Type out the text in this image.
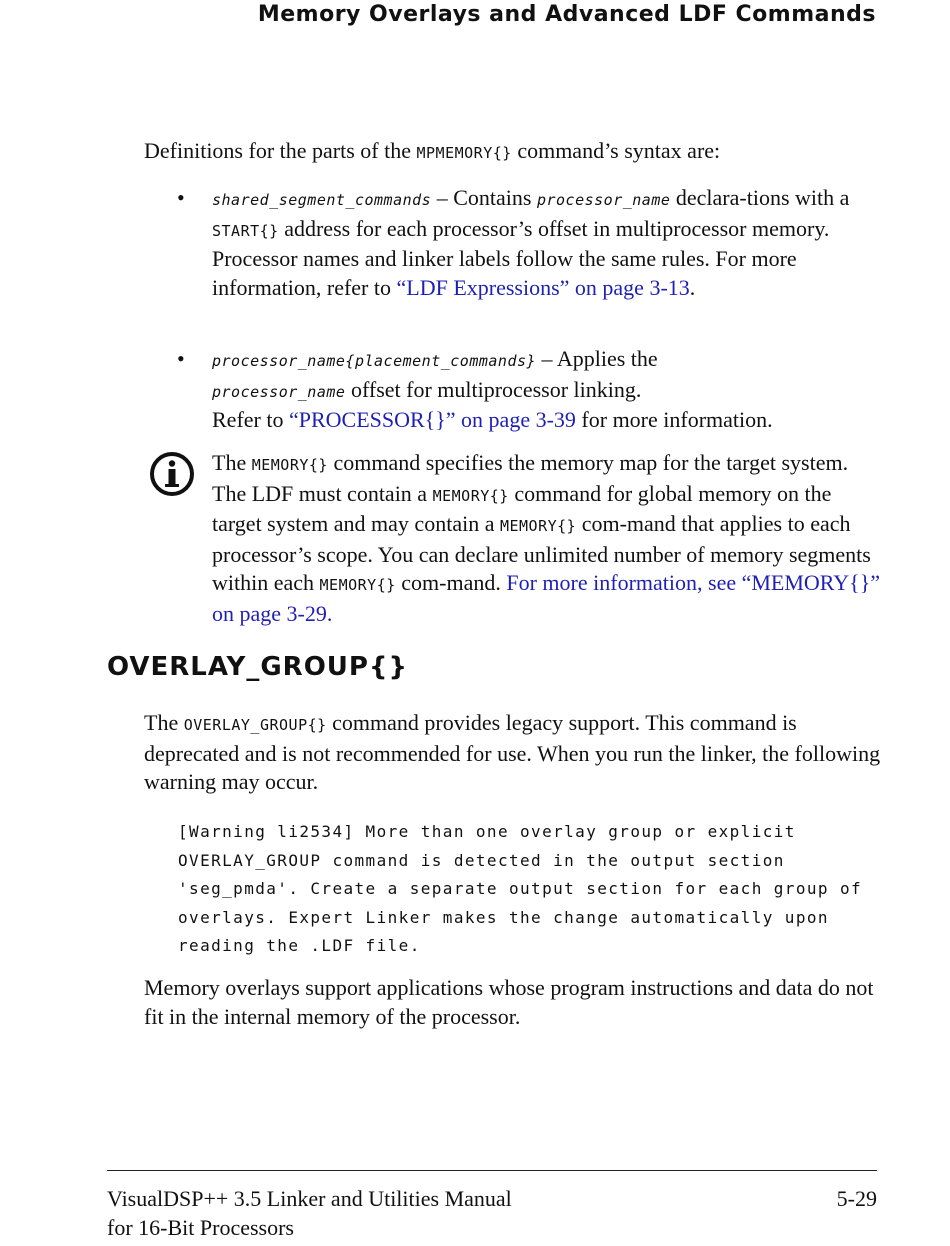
Memory Overlays and Advanced LDF Commands

Definitions for the parts of the MPMEMORY{} command’s syntax are:

• shared_segment_commands – Contains processor_name declara-tions with a START{} address for each processor’s offset in multiprocessor memory. Processor names and linker labels follow the same rules. For more information, refer to “LDF Expressions” on page 3-13.

• processor_name{placement_commands} – Applies the
processor_name offset for multiprocessor linking.
Refer to “PROCESSOR{}” on page 3-39 for more information.

The MEMORY{} command specifies the memory map for the target system. The LDF must contain a MEMORY{} command for global memory on the target system and may contain a MEMORY{} com-mand that applies to each processor’s scope. You can declare unlimited number of memory segments within each MEMORY{} com-mand. For more information, see “MEMORY{}” on page 3-29.

OVERLAY_GROUP{}

The OVERLAY_GROUP{} command provides legacy support. This command is deprecated and is not recommended for use. When you run the linker, the following warning may occur.

[Warning li2534] More than one overlay group or explicit
OVERLAY_GROUP command is detected in the output section
'seg_pmda'. Create a separate output section for each group of
overlays. Expert Linker makes the change automatically upon
reading the .LDF file.

Memory overlays support applications whose program instructions and data do not fit in the internal memory of the processor.

VisualDSP++ 3.5 Linker and Utilities Manual
for 16-Bit Processors
5-29
